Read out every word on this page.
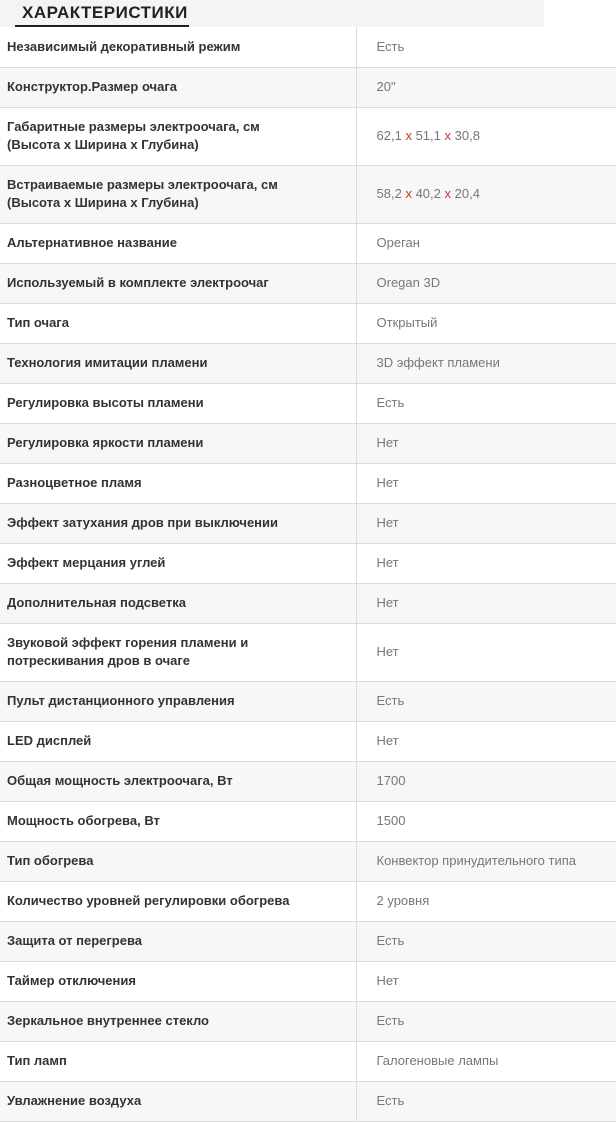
ХАРАКТЕРИСТИКИ
Независимый декоративный режим	Есть
Конструктор.Размер очага	20"
Габаритные размеры электроочага, см
(Высота x Ширина x Глубина)	62,1 x 51,1 x 30,8
Встраиваемые размеры электроочага, см
(Высота x Ширина x Глубина)	58,2 x 40,2 x 20,4
Альтернативное название	Ореган
Используемый в комплекте электроочаг	Oregan 3D
Тип очага	Открытый
Технология имитации пламени	3D эффект пламени
Регулировка высоты пламени	Есть
Регулировка яркости пламени	Нет
Разноцветное пламя	Нет
Эффект затухания дров при выключении	Нет
Эффект мерцания углей	Нет
Дополнительная подсветка	Нет
Звуковой эффект горения пламени и
потрескивания дров в очаге	Нет
Пульт дистанционного управления	Есть
LED дисплей	Нет
Общая мощность электроочага, Вт	1700
Мощность обогрева, Вт	1500
Тип обогрева	Конвектор принудительного типа
Количество уровней регулировки обогрева	2 уровня
Защита от перегрева	Есть
Таймер отключения	Нет
Зеркальное внутреннее стекло	Есть
Тип ламп	Галогеновые лампы
Увлажнение воздуха	Есть
